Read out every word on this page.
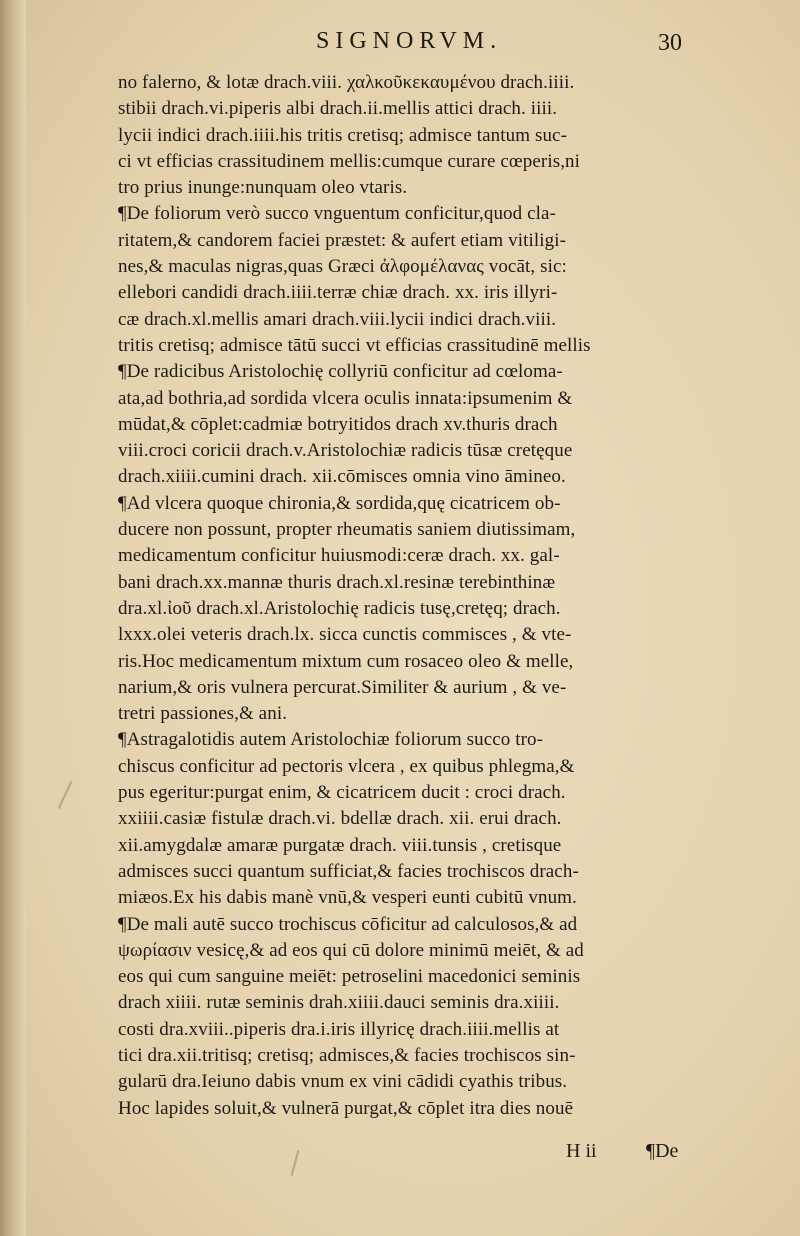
SIGNORVM.	30
no falerno, & lotæ drach.viii. χαλκοῦκεκαυμένου drach.iiii.
stibii drach.vi.piperis albi drach.ii.mellis attici drach. iiii.
lycii indici drach.iiii.his tritis cretisq; admisce tantum suc-
ci vt efficias crassitudinem mellis:cumque curare cœperis,ni
tro prius inunge:nunquam oleo vtaris.
¶De foliorum verò succo vnguentum conficitur,quod cla-
ritatem,& candorem faciei præstet: & aufert etiam vitiligi-
nes,& maculas nigras,quas Græci ἀλφομέλανας vocāt, sic:
ellebori candidi drach.iiii.terræ chiæ drach. xx. iris illyri-
cæ drach.xl.mellis amari drach.viii.lycii indici drach.viii.
tritis cretisq; admisce tātū succi vt efficias crassitudinē mellis
¶De radicibus Aristolochię collyriū conficitur ad cœloma-
ata,ad bothria,ad sordida vlcera oculis innata:ipsumenim &
mūdat,& cōplet:cadmiæ botryitidos drach xv.thuris drach
viii.croci coricii drach.v.Aristolochiæ radicis tūsæ cretęque
drach.xiiii.cumini drach. xii.cōmisces omnia vino āmineo.
¶Ad vlcera quoque chironia,& sordida,quę cicatricem ob-
ducere non possunt, propter rheumatis saniem diutissimam,
medicamentum conficitur huiusmodi:ceræ drach. xx. gal-
bani drach.xx.mannæ thuris drach.xl.resinæ terebinthinæ
dra.xl.ἰοῦ drach.xl.Aristolochię radicis tusę,cretęq; drach.
lxxx.olei veteris drach.lx. sicca cunctis commisces , & vte-
ris.Hoc medicamentum mixtum cum rosaceo oleo & melle,
narium,& oris vulnera percurat.Similiter & aurium , & ve-
tretri passiones,& ani.
¶Astragalotidis autem Aristolochiæ foliorum succo tro-
chiscus conficitur ad pectoris vlcera , ex quibus phlegma,&
pus egeritur:purgat enim, & cicatricem ducit : croci drach.
xxiiii.casiæ fistulæ drach.vi. bdellæ drach. xii. erui drach.
xii.amygdalæ amaræ purgatæ drach. viii.tunsis , cretisque
admisces succi quantum sufficiat,& facies trochiscos drach-
miæos.Ex his dabis manè vnū,& vesperi eunti cubitū vnum.
¶De mali autē succo trochiscus cōficitur ad calculosos,& ad
ψωρίασιν vesicę,& ad eos qui cū dolore minimū meiēt, & ad
eos qui cum sanguine meiēt: petroselini macedonici seminis
drach xiiii. rutæ seminis drah.xiiii.dauci seminis dra.xiiii.
costi dra.xviii..piperis dra.i.iris illyricę drach.iiii.mellis at
tici dra.xii.tritisq; cretisq; admisces,& facies trochiscos sin-
gularū dra.Ieiuno dabis vnum ex vini cādidi cyathis tribus.
Hoc lapides soluit,& vulnerā purgat,& cōplet itra dies nouē
H ii ¶De
